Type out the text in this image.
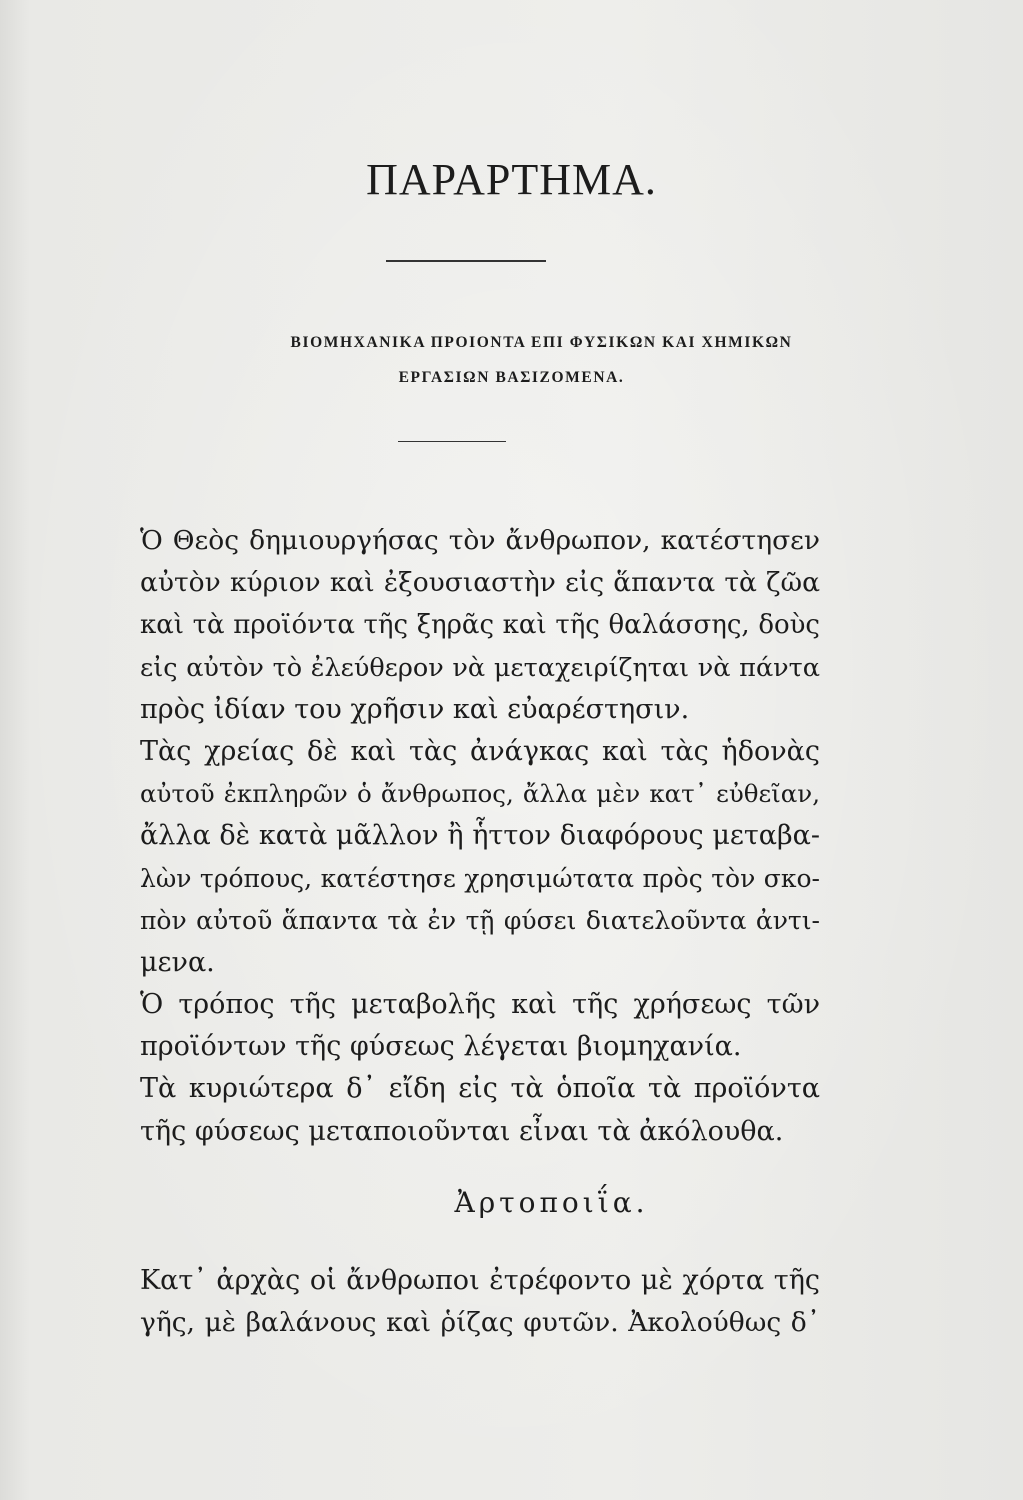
ΠΑΡΑΡΤΗΜΑ.
ΒΙΟΜΗΧΑΝΙΚΑ ΠΡΟΙΟΝΤΑ ΕΠΙ ΦΥΣΙΚΩΝ ΚΑΙ ΧΗΜΙΚΩΝ
ΕΡΓΑΣΙΩΝ ΒΑΣΙΖΟΜΕΝΑ.
Ὁ Θεὸς δημιουργήσας τὸν ἄνθρωπον, κατέστησεν
αὐτὸν κύριον καὶ ἐξουσιαστὴν εἰς ἅπαντα τὰ ζῶα
καὶ τὰ προϊόντα τῆς ξηρᾶς καὶ τῆς θαλάσσης, δοὺς
εἰς αὐτὸν τὸ ἐλεύθερον νὰ μεταχειρίζηται νὰ πάντα
πρὸς ἰδίαν του χρῆσιν καὶ εὐαρέστησιν.
Τὰς χρείας δὲ καὶ τὰς ἀνάγκας καὶ τὰς ἡδονὰς
αὐτοῦ ἐκπληρῶν ὁ ἄνθρωπος, ἄλλα μὲν κατ᾽ εὐθεῖαν,
ἄλλα δὲ κατὰ μᾶλλον ἢ ἧττον διαφόρους μεταβα-
λὼν τρόπους, κατέστησε χρησιμώτατα πρὸς τὸν σκο-
πὸν αὐτοῦ ἅπαντα τὰ ἐν τῇ φύσει διατελοῦντα ἀντι-
μενα.
Ὁ τρόπος τῆς μεταβολῆς καὶ τῆς χρήσεως τῶν
προϊόντων τῆς φύσεως λέγεται βιομηχανία.
Τὰ κυριώτερα δ᾽ εἴδη εἰς τὰ ὁποῖα τὰ προϊόντα
τῆς φύσεως μεταποιοῦνται εἶναι τὰ ἀκόλουθα.
Ἀρτοποιΐα.
Κατ᾽ ἀρχὰς οἱ ἄνθρωποι ἐτρέφοντο μὲ χόρτα τῆς
γῆς, μὲ βαλάνους καὶ ῥίζας φυτῶν. Ἀκολούθως δ᾽
